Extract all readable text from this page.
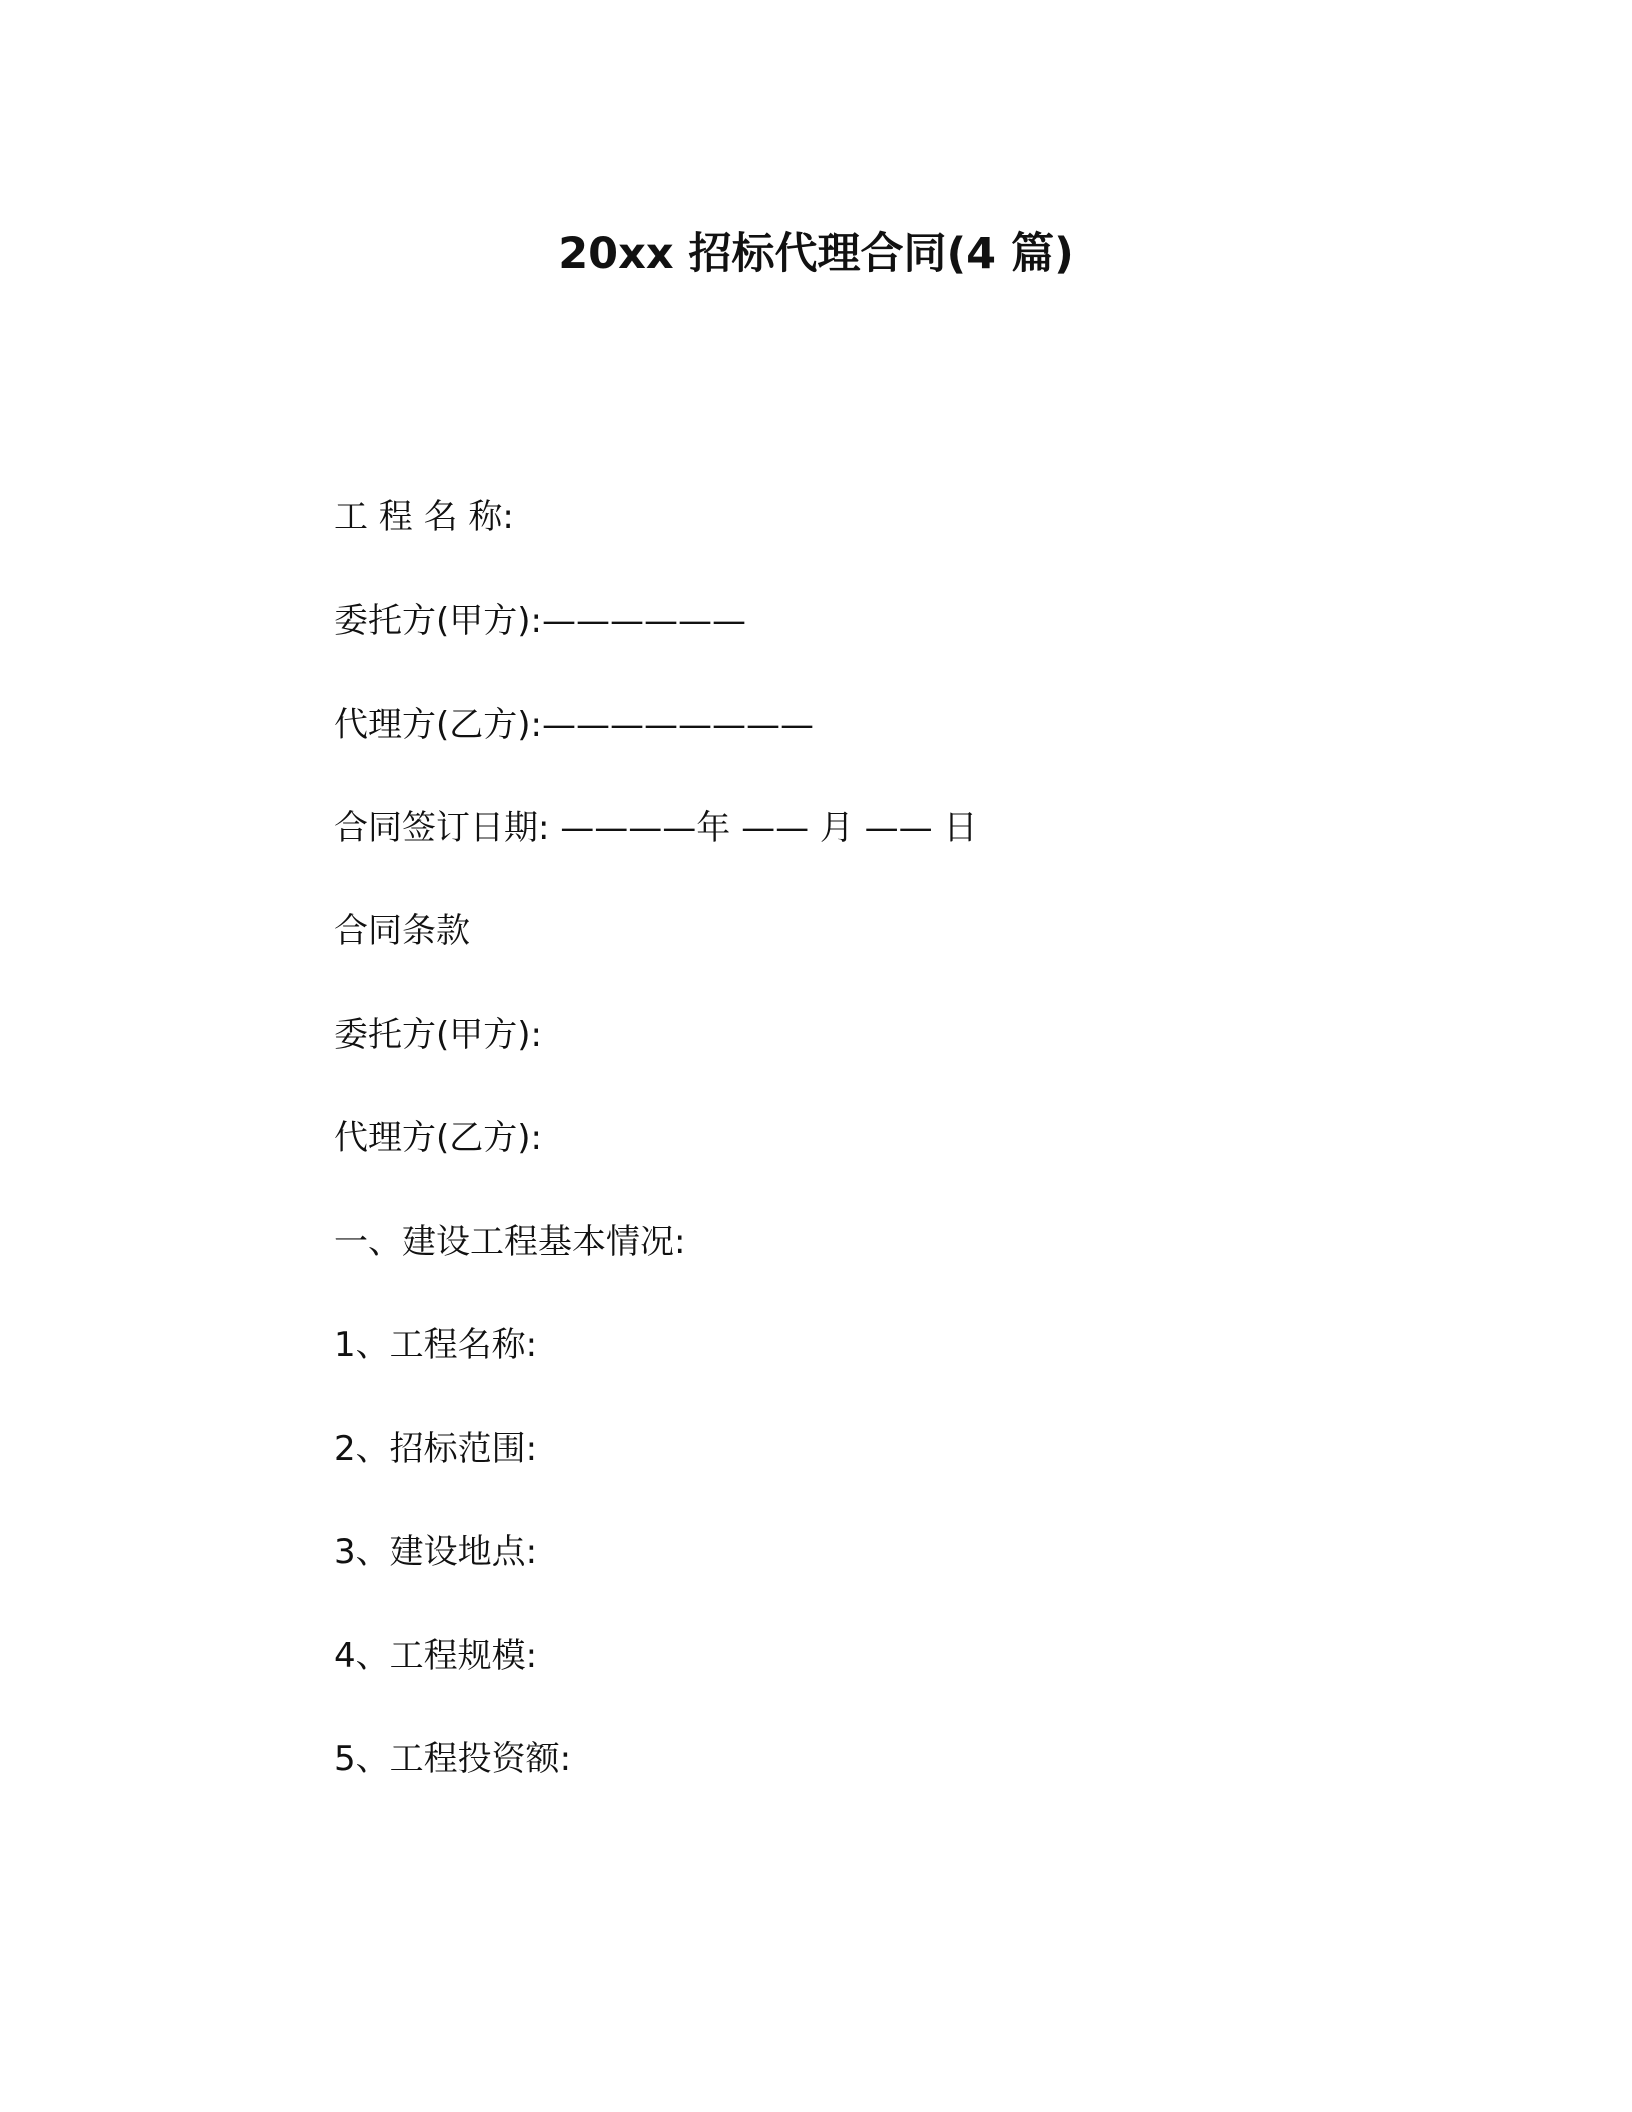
20xx 招标代理合同(4 篇)
工 程 名 称:
委托方(甲方):——————
代理方(乙方):————————
合同签订日期: ————年 —— 月 —— 日
合同条款
委托方(甲方):
代理方(乙方):
一、建设工程基本情况:
1、工程名称:
2、招标范围:
3、建设地点:
4、工程规模:
5、工程投资额:
